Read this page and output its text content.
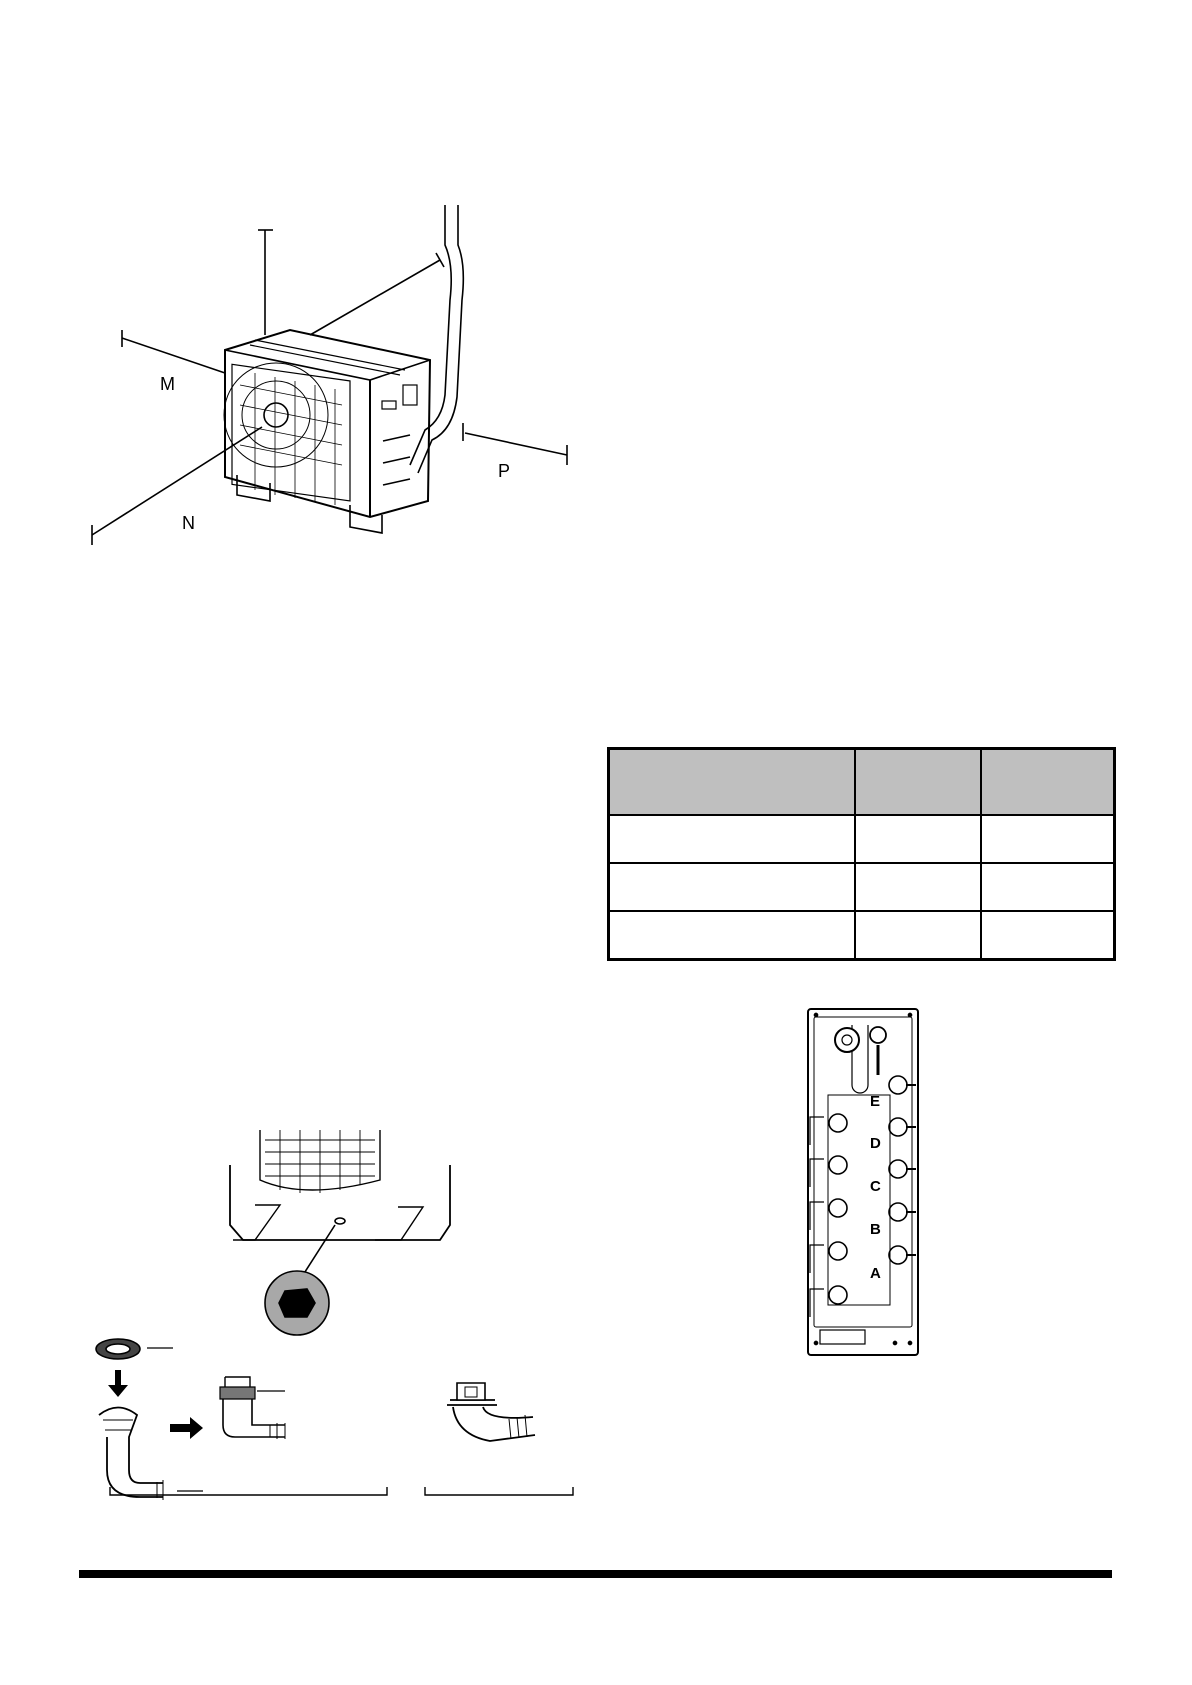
M
N
P

E
D
C
B
A
